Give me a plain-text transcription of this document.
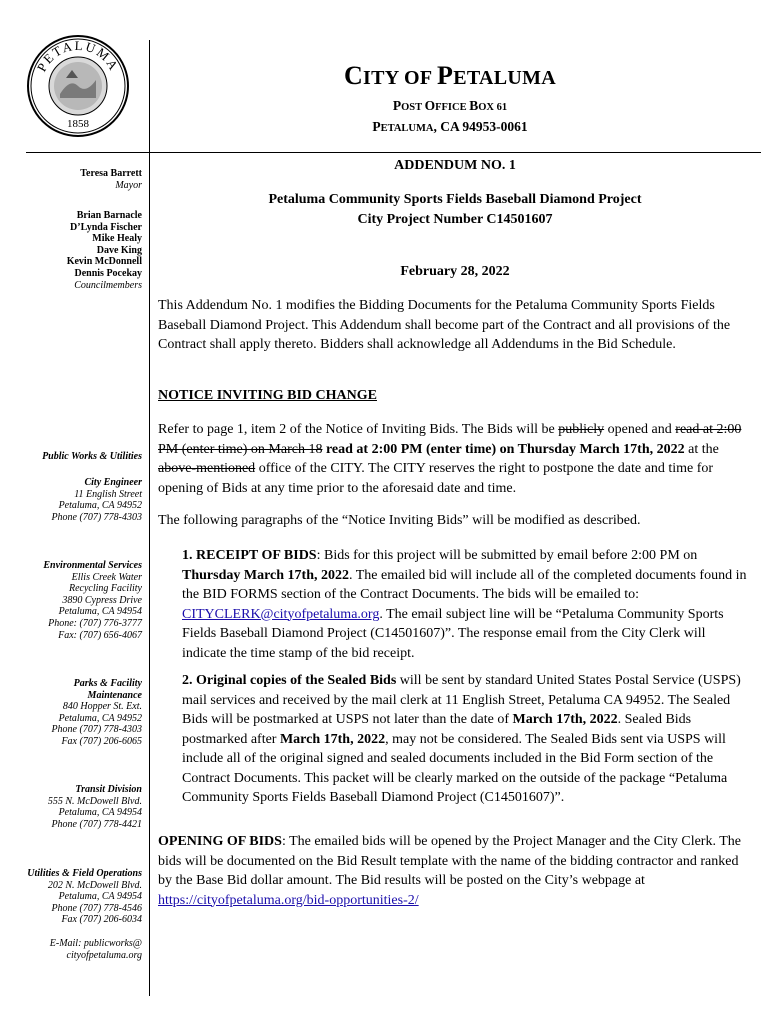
PETALUMA
1858
CITY OF PETALUMA
POST OFFICE BOX 61
PETALUMA, CA 94953-0061
Teresa Barrett
Mayor
Brian Barnacle
D’Lynda Fischer
Mike Healy
Dave King
Kevin McDonnell
Dennis Pocekay
Councilmembers
Public Works & Utilities
City Engineer
11 English Street
Petaluma, CA 94952
Phone (707) 778-4303
Environmental Services
Ellis Creek Water
Recycling Facility
3890 Cypress Drive
Petaluma, CA 94954
Phone: (707) 776-3777
Fax: (707) 656-4067
Parks & Facility
Maintenance
840 Hopper St. Ext.
Petaluma, CA 94952
Phone (707) 778-4303
Fax (707) 206-6065
Transit Division
555 N. McDowell Blvd.
Petaluma, CA 94954
Phone (707) 778-4421
Utilities & Field Operations
202 N. McDowell Blvd.
Petaluma, CA 94954
Phone (707) 778-4546
Fax (707) 206-6034
E-Mail: publicworks@
cityofpetaluma.org
ADDENDUM NO. 1
Petaluma Community Sports Fields Baseball Diamond Project
City Project Number C14501607
February 28, 2022
This Addendum No. 1 modifies the Bidding Documents for the Petaluma Community Sports Fields Baseball Diamond Project. This Addendum shall become part of the Contract and all provisions of the Contract shall apply thereto. Bidders shall acknowledge all Addendums in the Bid Schedule.
NOTICE INVITING BID CHANGE
Refer to page 1, item 2 of the Notice of Inviting Bids. The Bids will be publicly opened and read at 2:00 PM (enter time) on March 18 read at 2:00 PM (enter time) on Thursday March 17th, 2022 at the above-mentioned office of the CITY. The CITY reserves the right to postpone the date and time for opening of Bids at any time prior to the aforesaid date and time.
The following paragraphs of the “Notice Inviting Bids” will be modified as described.
1. RECEIPT OF BIDS: Bids for this project will be submitted by email before 2:00 PM on Thursday March 17th, 2022. The emailed bid will include all of the completed documents found in the BID FORMS section of the Contract Documents. The bids will be emailed to: CITYCLERK@cityofpetaluma.org. The email subject line will be “Petaluma Community Sports Fields Baseball Diamond Project (C14501607)”. The response email from the City Clerk will indicate the time stamp of the bid receipt.
2. Original copies of the Sealed Bids will be sent by standard United States Postal Service (USPS) mail services and received by the mail clerk at 11 English Street, Petaluma CA 94952. The Sealed Bids will be postmarked at USPS not later than the date of March 17th, 2022. Sealed Bids postmarked after March 17th, 2022, may not be considered. The Sealed Bids sent via USPS will include all of the original signed and sealed documents included in the Bid Form section of the Contract Documents. This packet will be clearly marked on the outside of the package “Petaluma Community Sports Fields Baseball Diamond Project (C14501607)”.
OPENING OF BIDS: The emailed bids will be opened by the Project Manager and the City Clerk. The bids will be documented on the Bid Result template with the name of the bidding contractor and ranked by the Base Bid dollar amount. The Bid results will be posted on the City’s webpage at https://cityofpetaluma.org/bid-opportunities-2/
